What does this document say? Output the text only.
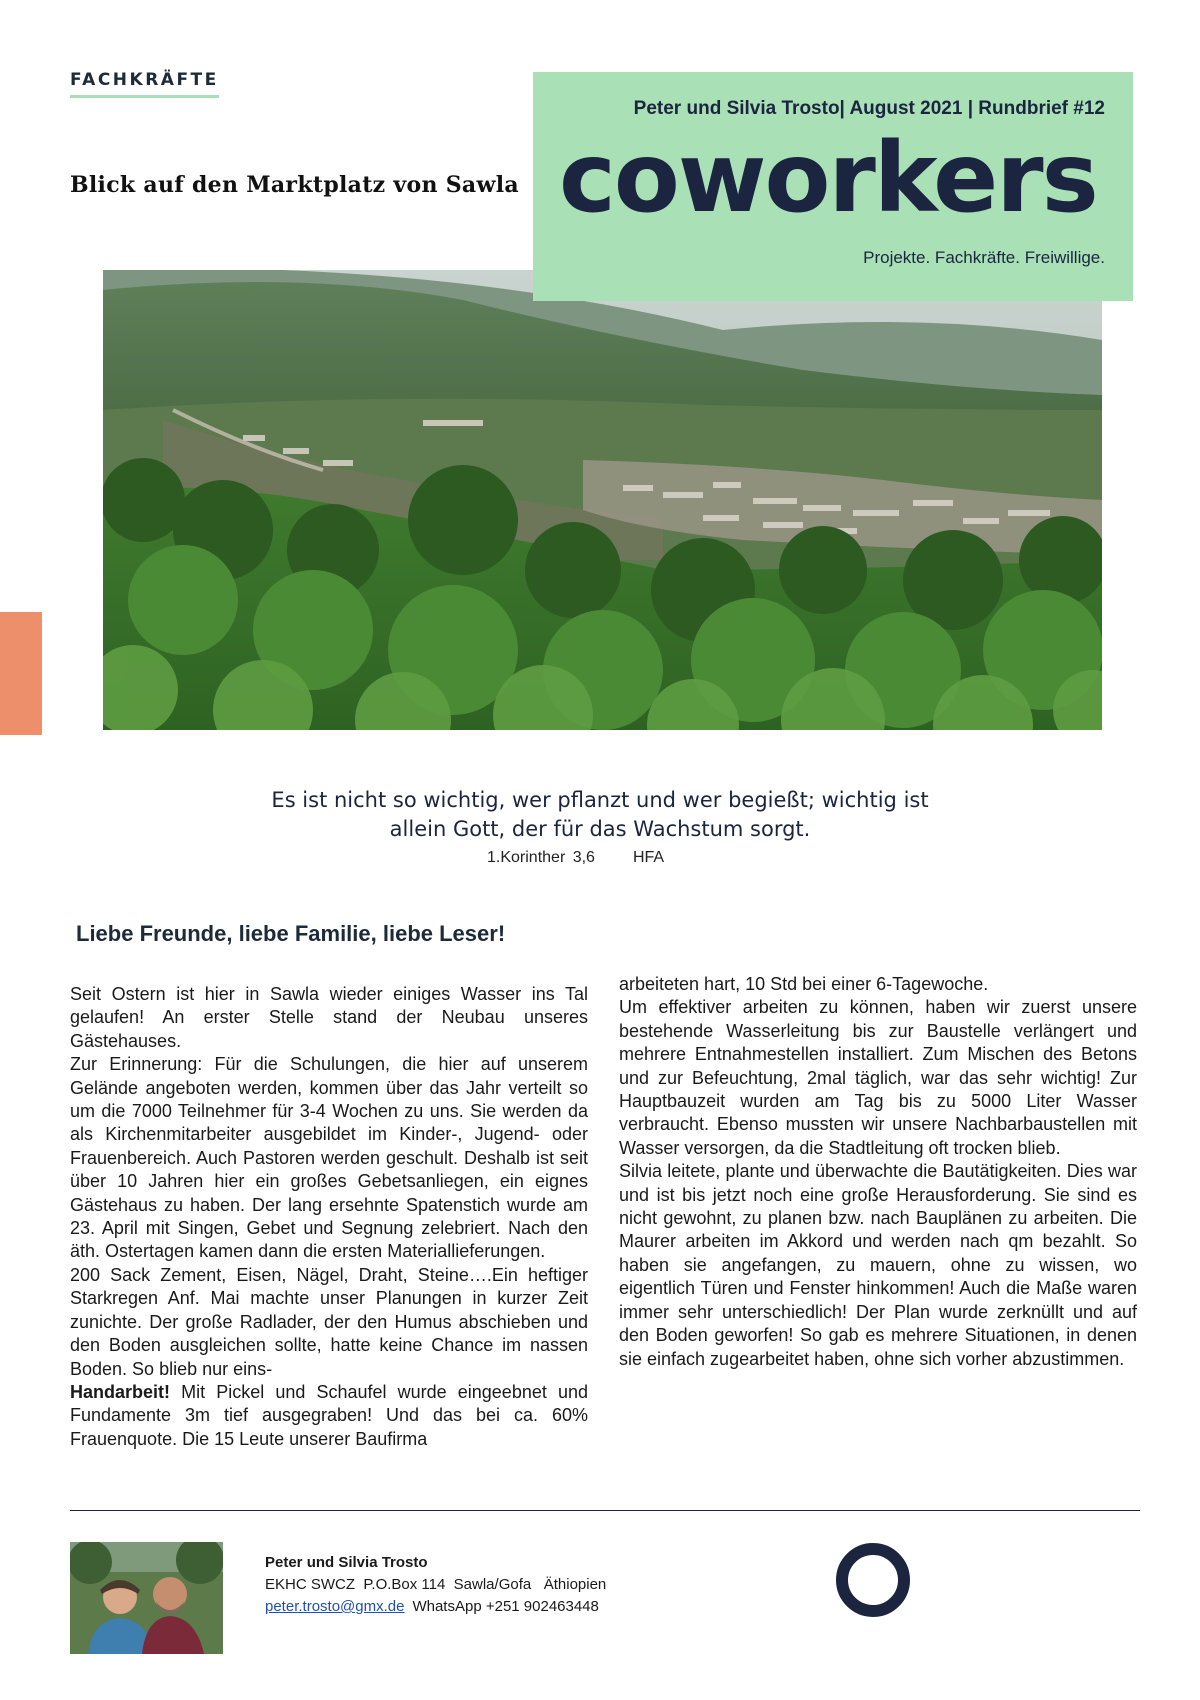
FACHKRÄFTE
Blick auf den Marktplatz von Sawla
Peter und Silvia Trosto| August 2021 | Rundbrief #12
coworkers
Projekte. Fachkräfte. Freiwillige.
Es ist nicht so wichtig, wer pflanzt und wer begießt; wichtig ist
allein Gott, der für das Wachstum sorgt.
1.Korinther 3,6 HFA
Liebe Freunde, liebe Familie, liebe Leser!

Seit Ostern ist hier in Sawla wieder einiges Wasser ins Tal gelaufen! An erster Stelle stand der Neubau unseres Gästehauses.

Zur Erinnerung: Für die Schulungen, die hier auf unserem Gelände angeboten werden, kommen über das Jahr verteilt so um die 7000 Teilnehmer für 3-4 Wochen zu uns. Sie werden da als Kirchenmitarbeiter ausgebildet im Kinder-, Jugend- oder Frauenbereich. Auch Pastoren werden geschult. Deshalb ist seit über 10 Jahren hier ein großes Gebetsanliegen, ein eignes Gästehaus zu haben. Der lang ersehnte Spatenstich wurde am 23. April mit Singen, Gebet und Segnung zelebriert. Nach den äth. Ostertagen kamen dann die ersten Materiallieferungen.

200 Sack Zement, Eisen, Nägel, Draht, Steine….Ein heftiger Starkregen Anf. Mai machte unser Planungen in kurzer Zeit zunichte. Der große Radlader, der den Humus abschieben und den Boden ausgleichen sollte, hatte keine Chance im nassen Boden. So blieb nur eins-

Handarbeit! Mit Pickel und Schaufel wurde eingeebnet und Fundamente 3m tief ausgegraben! Und das bei ca. 60% Frauenquote. Die 15 Leute unserer Baufirma

arbeiteten hart, 10 Std bei einer 6-Tagewoche.

Um effektiver arbeiten zu können, haben wir zuerst unsere bestehende Wasserleitung bis zur Baustelle verlängert und mehrere Entnahmestellen installiert. Zum Mischen des Betons und zur Befeuchtung, 2mal täglich, war das sehr wichtig! Zur Hauptbauzeit wurden am Tag bis zu 5000 Liter Wasser verbraucht. Ebenso mussten wir unsere Nachbarbaustellen mit Wasser versorgen, da die Stadtleitung oft trocken blieb.

Silvia leitete, plante und überwachte die Bautätigkeiten. Dies war und ist bis jetzt noch eine große Herausforderung. Sie sind es nicht gewohnt, zu planen bzw. nach Bauplänen zu arbeiten. Die Maurer arbeiten im Akkord und werden nach qm bezahlt. So haben sie angefangen, zu mauern, ohne zu wissen, wo eigentlich Türen und Fenster hinkommen! Auch die Maße waren immer sehr unterschiedlich! Der Plan wurde zerknüllt und auf den Boden geworfen! So gab es mehrere Situationen, in denen sie einfach zugearbeitet haben, ohne sich vorher abzustimmen.

Peter und Silvia Trosto
EKHC SWCZ  P.O.Box 114  Sawla/Gofa   Äthiopien
peter.trosto@gmx.de WhatsApp +251 902463448
